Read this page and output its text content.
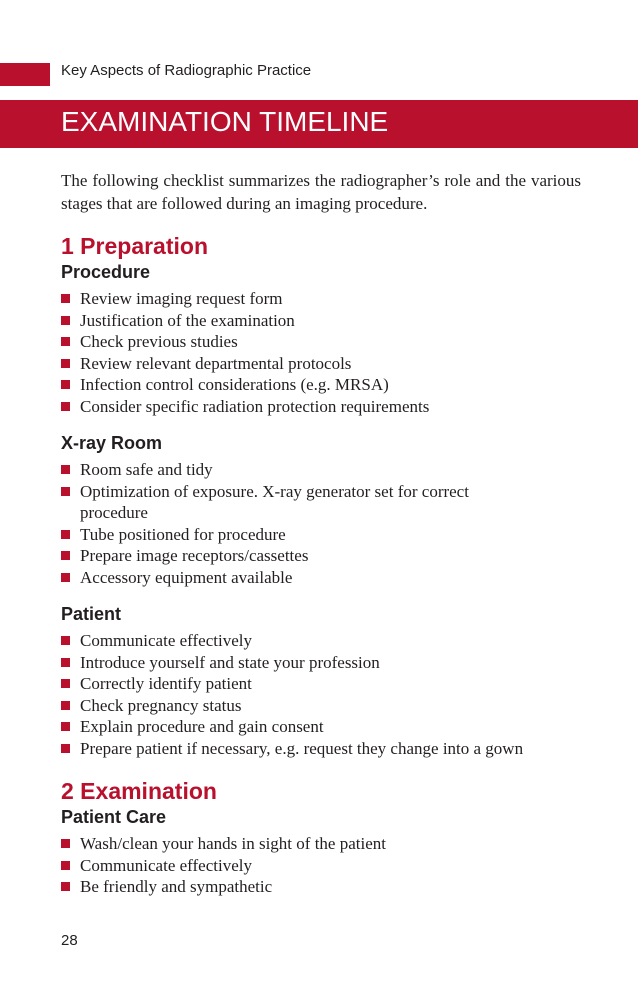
Key Aspects of Radiographic Practice
EXAMINATION TIMELINE

The following checklist summarizes the radiographer’s role and the various stages that are followed during an imaging procedure.

1 Preparation
Procedure
Review imaging request form
Justification of the examination
Check previous studies
Review relevant departmental protocols
Infection control considerations (e.g. MRSA)
Consider specific radiation protection requirements
X-ray Room
Room safe and tidy
Optimization of exposure. X-ray generator set for correct procedure
Tube positioned for procedure
Prepare image receptors/cassettes
Accessory equipment available
Patient
Communicate effectively
Introduce yourself and state your profession
Correctly identify patient
Check pregnancy status
Explain procedure and gain consent
Prepare patient if necessary, e.g. request they change into a gown
2 Examination
Patient Care
Wash/clean your hands in sight of the patient
Communicate effectively
Be friendly and sympathetic
28
